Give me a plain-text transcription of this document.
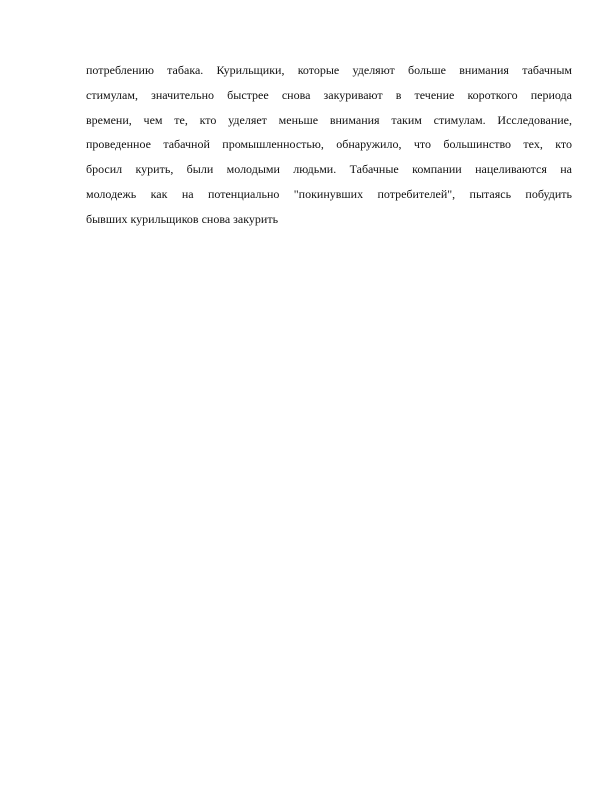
потреблению табака. Курильщики, которые уделяют больше внимания табачным
стимулам, значительно быстрее снова закуривают в течение короткого периода
времени, чем те, кто уделяет меньше внимания таким стимулам. Исследование,
проведенное табачной промышленностью, обнаружило, что большинство тех, кто
бросил курить, были молодыми людьми. Табачные компании нацеливаются на
молодежь как на потенциально "покинувших потребителей", пытаясь побудить
бывших курильщиков снова закурить
